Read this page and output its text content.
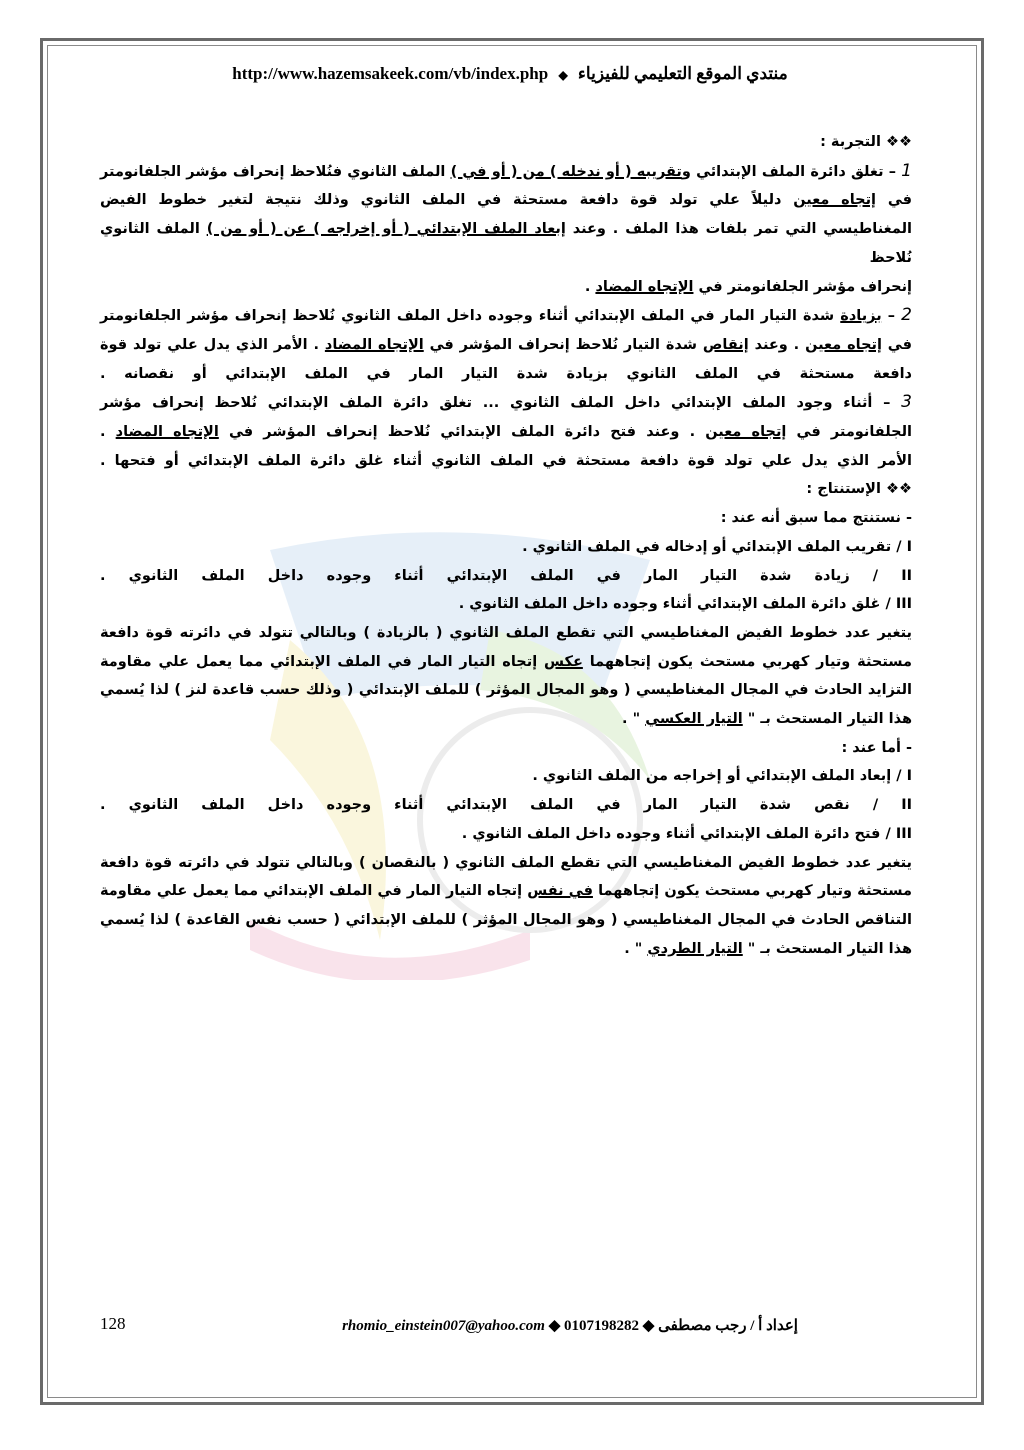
http://www.hazemsakeek.com/vb/index.php ◆ منتدي الموقع التعليمي للفيزياء

❖❖ التجربة :

1 – تغلق دائرة الملف الإبتدائي وتقريبه ( أو ندخله ) من ( أو في ) الملف الثانوي فنُلاحظ إنحراف مؤشر الجلفانومتر

في إتجاه معين دليلاً علي تولد قوة دافعة مستحثة في الملف الثانوي وذلك نتيجة لتغير خطوط الفيض

المغناطيسي التي تمر بلفات هذا الملف . وعند إبعاد الملف الإبتدائي ( أو إخراجه ) عن ( أو من ) الملف الثانوي نُلاحظ

إنحراف مؤشر الجلفانومتر في الإتجاه المضاد .

2 – بزيادة شدة التيار المار في الملف الإبتدائي أثناء وجوده داخل الملف الثانوي نُلاحظ إنحراف مؤشر الجلفانومتر

في إتجاه معين . وعند إنقاص شدة التيار نُلاحظ إنحراف المؤشر في الإتجاه المضاد . الأمر الذي يدل علي تولد قوة

دافعة مستحثة في الملف الثانوي بزيادة شدة التيار المار في الملف الإبتدائي أو نقصانه .

3 – أثناء وجود الملف الإبتدائي داخل الملف الثانوي ... تغلق دائرة الملف الإبتدائي نُلاحظ إنحراف مؤشر

الجلفانومتر في إتجاه معين . وعند فتح دائرة الملف الإبتدائي نُلاحظ إنحراف المؤشر في الإتجاه المضاد .

الأمر الذي يدل علي تولد قوة دافعة مستحثة في الملف الثانوي أثناء غلق دائرة الملف الإبتدائي أو فتحها .

❖❖ الإستنتاج :

- نستنتج مما سبق أنه عند :

I / تقريب الملف الإبتدائي أو إدخاله في الملف الثانوي .

II / زيادة شدة التيار المار في الملف الإبتدائي أثناء وجوده داخل الملف الثانوي .

III / غلق دائرة الملف الإبتدائي أثناء وجوده داخل الملف الثانوي .

يتغير عدد خطوط الفيض المغناطيسي التي تقطع الملف الثانوي ( بالزيادة ) وبالتالي تتولد في دائرته قوة دافعة

مستحثة وتيار كهربي مستحث يكون إتجاههما عكس إتجاه التيار المار في الملف الإبتدائي مما يعمل علي مقاومة

التزايد الحادث في المجال المغناطيسي ( وهو المجال المؤثر ) للملف الإبتدائي ( وذلك حسب قاعدة لنز ) لذا يُسمي

هذا التيار المستحث بـ " التيار العكسي " .

- أما عند :

I / إبعاد الملف الإبتدائي أو إخراجه من الملف الثانوي .

II / نقص شدة التيار المار في الملف الإبتدائي أثناء وجوده داخل الملف الثانوي .

III / فتح دائرة الملف الإبتدائي أثناء وجوده داخل الملف الثانوي .

يتغير عدد خطوط الفيض المغناطيسي التي تقطع الملف الثانوي ( بالنقصان ) وبالتالي تتولد في دائرته قوة دافعة

مستحثة وتيار كهربي مستحث يكون إتجاههما في نفس إتجاه التيار المار في الملف الإبتدائي مما يعمل علي مقاومة

التناقص الحادث في المجال المغناطيسي ( وهو المجال المؤثر ) للملف الإبتدائي ( حسب نفس القاعدة ) لذا يُسمي

هذا التيار المستحث بـ " التيار الطردي " .

128	rhomio_einstein007@yahoo.com ◆ 0107198282 ◆ إعداد أ / رجب مصطفى
